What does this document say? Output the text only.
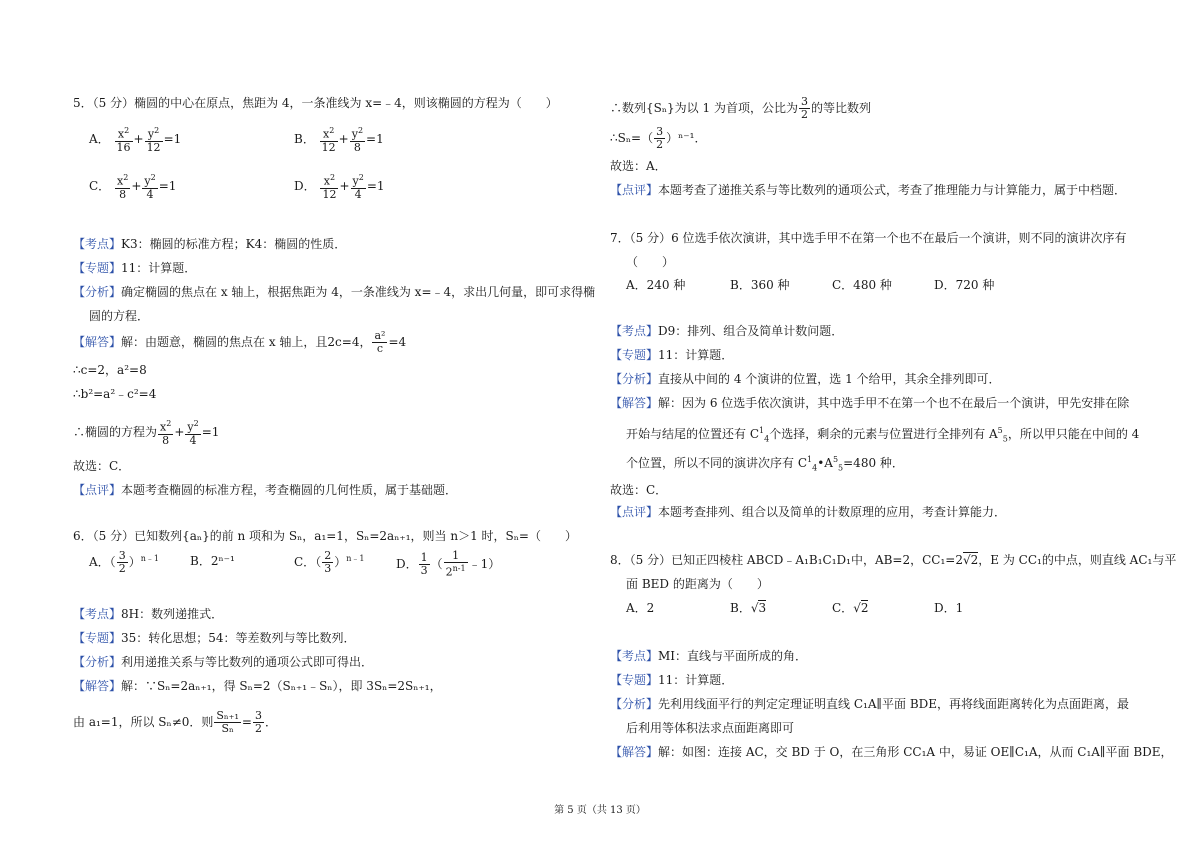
5．（5 分）椭圆的中心在原点，焦距为 4，一条准线为 x=﹣4，则该椭圆的方程为（　　）
A． $\frac{x^2}{16} + \frac{y^2}{12} =1$	B． $\frac{x^2}{12} + \frac{y^2}{8} =1$
C． $\frac{x^2}{8} + \frac{y^2}{4} =1$	D． $\frac{x^2}{12} + \frac{y^2}{4} =1$
【考点】K3：椭圆的标准方程；K4：椭圆的性质．
【专题】11：计算题．
【分析】确定椭圆的焦点在 x 轴上，根据焦距为 4，一条准线为 x=﹣4，求出几何量，即可求得椭
圆的方程．
【解答】解：由题意，椭圆的焦点在 x 轴上，且2c=4， $\frac{\text{a²}}{c} =4$
∴c=2，a²=8
∴b²=a²﹣c²=4
∴椭圆的方程为 $\frac{x^2}{8} + \frac{y^2}{4} =1$
故选：C．
【点评】本题考查椭圆的标准方程，考查椭圆的几何性质，属于基础题．
6．（5 分）已知数列{aₙ}的前 n 项和为 Sₙ，a₁=1，Sₙ=2aₙ₊₁，则当 n＞1 时，Sₙ=（　　）
A．（ $\frac{3}{2} )^{n﹣1}$	B．2ⁿ⁻¹	C．（ $\frac{2}{3} )^{n﹣1}$	D． $\frac{1}{3}$ （ $\frac{1}{2^{n-1}}$ ﹣1）
【考点】8H：数列递推式．
【专题】35：转化思想；54：等差数列与等比数列．
【分析】利用递推关系与等比数列的通项公式即可得出．
【解答】解：∵Sₙ=2aₙ₊₁，得 Sₙ=2（Sₙ₊₁﹣Sₙ），即 3Sₙ=2Sₙ₊₁，
由 a₁=1，所以 Sₙ≠0．则 $\frac{\text{Sₙ₊₁}}{\text{Sₙ}} = \frac{3}{2}$ ．
∴数列{Sₙ}为以 1 为首项，公比为 $\frac{3}{2}$ 的等比数列
∴Sₙ=（ $\frac{3}{2} )^{n-1}$．
故选：A．
【点评】本题考查了递推关系与等比数列的通项公式，考查了推理能力与计算能力，属于中档题．
7．（5 分）6 位选手依次演讲，其中选手甲不在第一个也不在最后一个演讲，则不同的演讲次序有
（　　）
A．240 种	B．360 种	C．480 种	D．720 种
【考点】D9：排列、组合及简单计数问题．
【专题】11：计算题．
【分析】直接从中间的 4 个演讲的位置，选 1 个给甲，其余全排列即可．
【解答】解：因为 6 位选手依次演讲，其中选手甲不在第一个也不在最后一个演讲，甲先安排在除
开始与结尾的位置还有 $C^1_4$个选择，剩余的元素与位置进行全排列有 $A^5_5$，所以甲只能在中间的 4
个位置，所以不同的演讲次序有 $C^1_4•A^5_5=480$ 种．
故选：C．
【点评】本题考查排列、组合以及简单的计数原理的应用，考查计算能力．
8．（5 分）已知正四棱柱 ABCD﹣A₁B₁C₁D₁中，AB=2，CC₁=2√2，E 为 CC₁的中点，则直线 AC₁与平
面 BED 的距离为（　　）
A．2	B．√3	C．√2	D．1
【考点】MI：直线与平面所成的角．
【专题】11：计算题．
【分析】先利用线面平行的判定定理证明直线 C₁A∥平面 BDE，再将线面距离转化为点面距离，最
后利用等体积法求点面距离即可
【解答】解：如图：连接 AC，交 BD 于 O，在三角形 CC₁A 中，易证 OE∥C₁A，从而 C₁A∥平面 BDE，
第 5 页（共 13 页）
